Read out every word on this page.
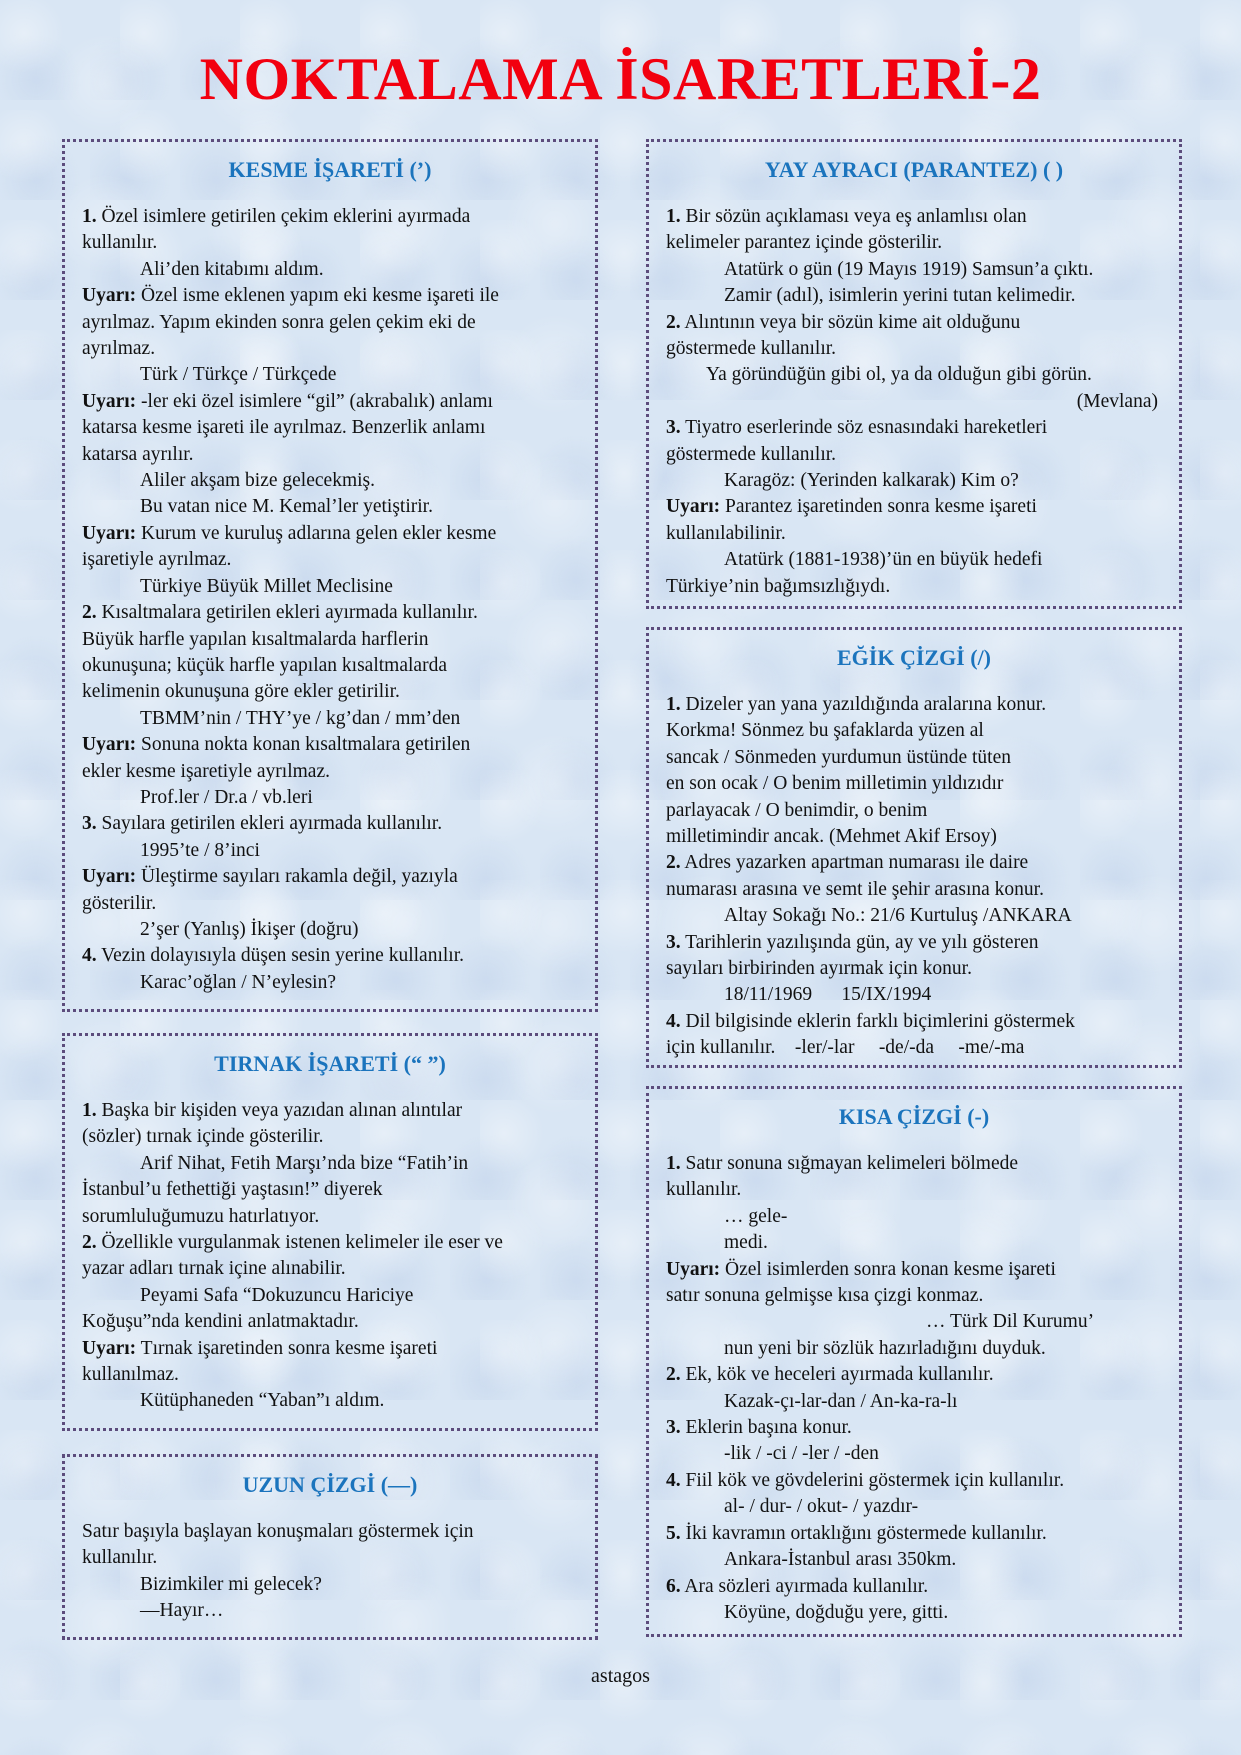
NOKTALAMA İSARETLERİ-2
KESME İŞARETİ (’)
1. Özel isimlere getirilen çekim eklerini ayırmada
kullanılır.
Ali’den kitabımı aldım.
Uyarı: Özel isme eklenen yapım eki kesme işareti ile
ayrılmaz. Yapım ekinden sonra gelen çekim eki de
ayrılmaz.
Türk / Türkçe / Türkçede
Uyarı: -ler eki özel isimlere “gil” (akrabalık) anlamı
katarsa kesme işareti ile ayrılmaz. Benzerlik anlamı
katarsa ayrılır.
Aliler akşam bize gelecekmiş.
Bu vatan nice M. Kemal’ler yetiştirir.
Uyarı: Kurum ve kuruluş adlarına gelen ekler kesme
işaretiyle ayrılmaz.
Türkiye Büyük Millet Meclisine
2. Kısaltmalara getirilen ekleri ayırmada kullanılır.
Büyük harfle yapılan kısaltmalarda harflerin
okunuşuna; küçük harfle yapılan kısaltmalarda
kelimenin okunuşuna göre ekler getirilir.
TBMM’nin / THY’ye / kg’dan / mm’den
Uyarı: Sonuna nokta konan kısaltmalara getirilen
ekler kesme işaretiyle ayrılmaz.
Prof.ler / Dr.a / vb.leri
3. Sayılara getirilen ekleri ayırmada kullanılır.
1995’te / 8’inci
Uyarı: Üleştirme sayıları rakamla değil, yazıyla
gösterilir.
2’şer (Yanlış) İkişer (doğru)
4. Vezin dolayısıyla düşen sesin yerine kullanılır.
Karac’oğlan / N’eylesin?
TIRNAK İŞARETİ (“ ”)
1. Başka bir kişiden veya yazıdan alınan alıntılar
(sözler) tırnak içinde gösterilir.
Arif Nihat, Fetih Marşı’nda bize “Fatih’in
İstanbul’u fethettiği yaştasın!” diyerek
sorumluluğumuzu hatırlatıyor.
2. Özellikle vurgulanmak istenen kelimeler ile eser ve
yazar adları tırnak içine alınabilir.
Peyami Safa “Dokuzuncu Hariciye
Koğuşu”nda kendini anlatmaktadır.
Uyarı: Tırnak işaretinden sonra kesme işareti
kullanılmaz.
Kütüphaneden “Yaban”ı aldım.
UZUN ÇİZGİ (—)
Satır başıyla başlayan konuşmaları göstermek için
kullanılır.
Bizimkiler mi gelecek?
—Hayır…
YAY AYRACI (PARANTEZ) ( )
1. Bir sözün açıklaması veya eş anlamlısı olan
kelimeler parantez içinde gösterilir.
Atatürk o gün (19 Mayıs 1919) Samsun’a çıktı.
Zamir (adıl), isimlerin yerini tutan kelimedir.
2. Alıntının veya bir sözün kime ait olduğunu
göstermede kullanılır.
Ya göründüğün gibi ol, ya da olduğun gibi görün.
(Mevlana)
3. Tiyatro eserlerinde söz esnasındaki hareketleri
göstermede kullanılır.
Karagöz: (Yerinden kalkarak) Kim o?
Uyarı: Parantez işaretinden sonra kesme işareti
kullanılabilinir.
Atatürk (1881-1938)’ün en büyük hedefi
Türkiye’nin bağımsızlığıydı.
EĞİK ÇİZGİ (/)
1. Dizeler yan yana yazıldığında aralarına konur.
Korkma! Sönmez bu şafaklarda yüzen al
sancak / Sönmeden yurdumun üstünde tüten
en son ocak / O benim milletimin yıldızıdır
parlayacak / O benimdir, o benim
milletimindir ancak. (Mehmet Akif Ersoy)
2. Adres yazarken apartman numarası ile daire
numarası arasına ve semt ile şehir arasına konur.
Altay Sokağı No.: 21/6 Kurtuluş /ANKARA
3. Tarihlerin yazılışında gün, ay ve yılı gösteren
sayıları birbirinden ayırmak için konur.
18/11/1969      15/IX/1994
4. Dil bilgisinde eklerin farklı biçimlerini göstermek
için kullanılır.    -ler/-lar     -de/-da     -me/-ma
KISA ÇİZGİ (-)
1. Satır sonuna sığmayan kelimeleri bölmede
kullanılır.
… gele-
medi.
Uyarı: Özel isimlerden sonra konan kesme işareti
satır sonuna gelmişse kısa çizgi konmaz.
… Türk Dil Kurumu’
nun yeni bir sözlük hazırladığını duyduk.
2. Ek, kök ve heceleri ayırmada kullanılır.
Kazak-çı-lar-dan / An-ka-ra-lı
3. Eklerin başına konur.
-lik / -ci / -ler / -den
4. Fiil kök ve gövdelerini göstermek için kullanılır.
al- / dur- / okut- / yazdır-
5. İki kavramın ortaklığını göstermede kullanılır.
Ankara-İstanbul arası 350km.
6. Ara sözleri ayırmada kullanılır.
Köyüne, doğduğu yere, gitti.
astagos
